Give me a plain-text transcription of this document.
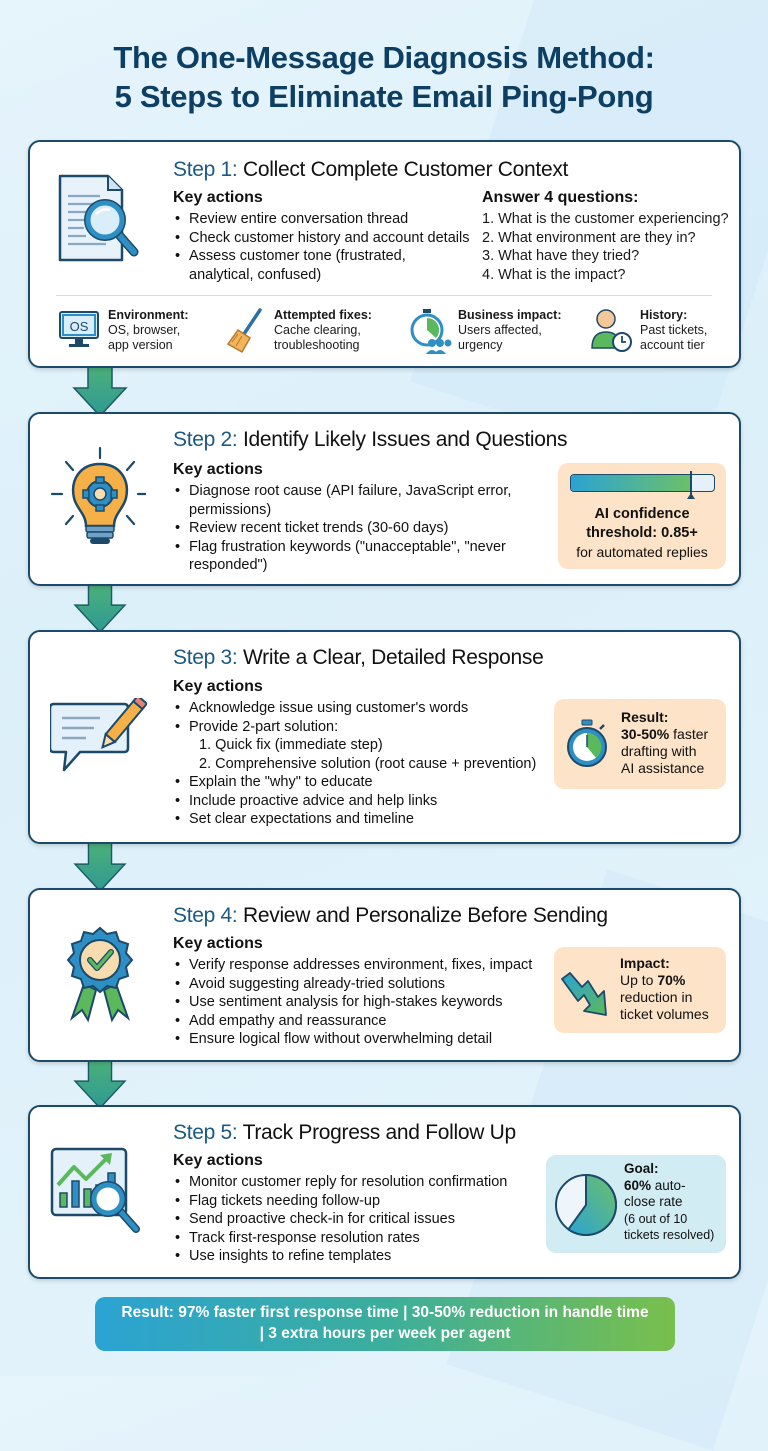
The One-Message Diagnosis Method:
5 Steps to Eliminate Email Ping-Pong
Step 1: Collect Complete Customer Context
Key actions
• Review entire conversation thread
• Check customer history and account details
• Assess customer tone (frustrated,
analytical, confused)
Answer 4 questions:
1. What is the customer experiencing?
2. What environment are they in?
3. What have they tried?
4. What is the impact?
OS
Environment:
OS, browser,
app version
Attempted fixes:
Cache clearing,
troubleshooting
Business impact:
Users affected,
urgency
History:
Past tickets,
account tier
Step 2: Identify Likely Issues and Questions
Key actions
• Diagnose root cause (API failure, JavaScript error,
permissions)
• Review recent ticket trends (30-60 days)
• Flag frustration keywords ("unacceptable", "never
responded")
AI confidence
threshold: 0.85+
for automated replies
Step 3: Write a Clear, Detailed Response
Key actions
• Acknowledge issue using customer's words
• Provide 2-part solution:
1. Quick fix (immediate step)
2. Comprehensive solution (root cause + prevention)
• Explain the "why" to educate
• Include proactive advice and help links
• Set clear expectations and timeline
Result:
30-50% faster
drafting with
AI assistance
Step 4: Review and Personalize Before Sending
Key actions
• Verify response addresses environment, fixes, impact
• Avoid suggesting already-tried solutions
• Use sentiment analysis for high-stakes keywords
• Add empathy and reassurance
• Ensure logical flow without overwhelming detail
Impact:
Up to 70%
reduction in
ticket volumes
Step 5: Track Progress and Follow Up
Key actions
• Monitor customer reply for resolution confirmation
• Flag tickets needing follow-up
• Send proactive check-in for critical issues
• Track first-response resolution rates
• Use insights to refine templates
Goal:
60% auto-
close rate
(6 out of 10
tickets resolved)
Result: 97% faster first response time | 30-50% reduction in handle time
| 3 extra hours per week per agent
